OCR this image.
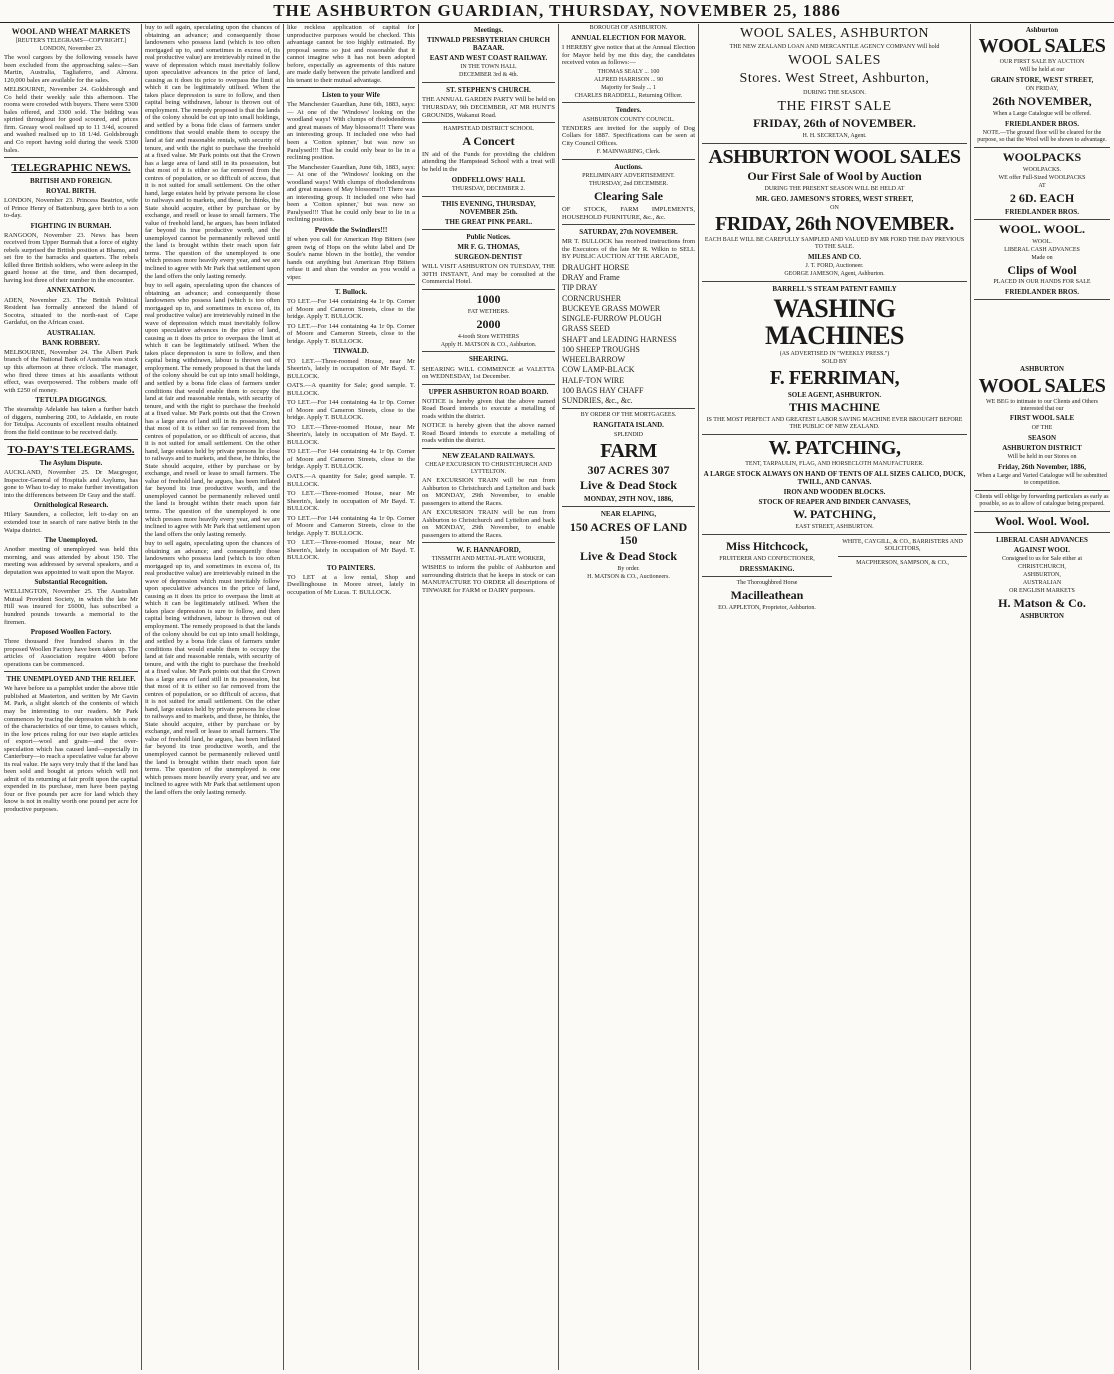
THE ASHBURTON GUARDIAN, THURSDAY, NOVEMBER 25, 1886
WOOL AND WHEAT MARKETS
[REUTER'S TELEGRAMS—COPYRIGHT.]
LONDON, November 23.

The wool cargoes by the following vessels have been excluded from the approaching sales:—San Martin, Australia, Tagliaferro, and Almora. 120,000 bales are available for the sales.

MELBOURNE, November 24. Goldsbrough and Co held their weekly sale this afternoon. The rooms were crowded with buyers. There were 5300 bales offered, and 3300 sold. The bidding was spirited throughout for good scoured, and prices firm. Greasy wool realised up to 11 3/4d, scoured and washed realised up to 18 1/4d. Goldsbrough and Co report having sold during the week 5300 bales.

TELEGRAPHIC NEWS.
BRITISH AND FOREIGN.
ROYAL BIRTH.

LONDON, November 23. Princess Beatrice, wife of Prince Henry of Battenburg, gave birth to a son to-day.

FIGHTING IN BURMAH.

RANGOON, November 23. News has been received from Upper Burmah that a force of eighty rebels surprised the British position at Bhamo, and set fire to the barracks and quarters. The rebels killed three British soldiers, who were asleep in the guard house at the time, and then decamped, having lost three of their number in the encounter.

ANNEXATION.

ADEN, November 23. The British Political Resident has formally annexed the island of Socotra, situated to the north-east of Cape Gardafui, on the African coast.

AUSTRALIAN.
BANK ROBBERY.

MELBOURNE, November 24. The Albert Park branch of the National Bank of Australia was stuck up this afternoon at three o'clock. The manager, who fired three times at his assailants without effect, was overpowered. The robbers made off with £250 of money.

TETULPA DIGGINGS.

The steamship Adelaide has taken a further batch of diggers, numbering 200, to Adelaide, en route for Tetulpa. Accounts of excellent results obtained from the field continue to be received daily.

TO-DAY'S TELEGRAMS.
The Asylum Dispute.

AUCKLAND, November 25. Dr Macgregor, Inspector-General of Hospitals and Asylums, has gone to Whau to-day to make further investigation into the differences between Dr Gray and the staff.

Ornithological Research.

Hilary Saunders, a collector, left to-day on an extended tour in search of rare native birds in the Waipa district.

The Unemployed.

Another meeting of unemployed was held this morning, and was attended by about 150. The meeting was addressed by several speakers, and a deputation was appointed to wait upon the Mayor.

Substantial Recognition.

WELLINGTON, November 25. The Australian Mutual Provident Society, in which the late Mr Hill was insured for £6000, has subscribed a hundred pounds towards a memorial to the firemen.

Proposed Woollen Factory.

Three thousand five hundred shares in the proposed Woollen Factory have been taken up. The articles of Association require 4000 before operations can be commenced.

THE UNEMPLOYED AND THE RELIEF.

We have before us a pamphlet under the above title published at Masterton, and written by Mr Gavin M. Park, a slight sketch of the contents of which may be interesting to our readers. Mr Park commences by tracing the depression which is one of the characteristics of our time, to causes which, in the low prices ruling for our two staple articles of export—wool and grain—and the over-speculation which has caused land—especially in Canterbury—to reach a speculative value far above its real value. He says very truly that if the land has been sold and bought at prices which will not admit of its returning at fair profit upon the capital expended in its purchase, men have been paying four or five pounds per acre for land which they know is not in reality worth one pound per acre for productive purposes.

buy to sell again, speculating upon the chances of obtaining an advance; and consequently those landowners who possess land (which is too often mortgaged up to, and sometimes in excess of, its real productive value) are irretrievably ruined in the wave of depression which must inevitably follow upon speculative advances in the price of land, causing as it does its price to overpass the limit at which it can be legitimately utilised. When the takes place depression is sure to follow, and then capital being withdrawn, labour is thrown out of employment. The remedy proposed is that the lands of the colony should be cut up into small holdings, and settled by a bona fide class of farmers under conditions that would enable them to occupy the land at fair and reasonable rentals, with security of tenure, and with the right to purchase the freehold at a fixed value. Mr Park points out that the Crown has a large area of land still in its possession, but that most of it is either so far removed from the centres of population, or so difficult of access, that it is not suited for small settlement. On the other hand, large estates held by private persons lie close to railways and to markets, and these, he thinks, the State should acquire, either by purchase or by exchange, and resell or lease to small farmers. The value of freehold land, he argues, has been inflated far beyond its true productive worth, and the unemployed cannot be permanently relieved until the land is brought within their reach upon fair terms. The question of the unemployed is one which presses more heavily every year, and we are inclined to agree with Mr Park that settlement upon the land offers the only lasting remedy.

buy to sell again, speculating upon the chances of obtaining an advance; and consequently those landowners who possess land (which is too often mortgaged up to, and sometimes in excess of, its real productive value) are irretrievably ruined in the wave of depression which must inevitably follow upon speculative advances in the price of land, causing as it does its price to overpass the limit at which it can be legitimately utilised. When the takes place depression is sure to follow, and then capital being withdrawn, labour is thrown out of employment. The remedy proposed is that the lands of the colony should be cut up into small holdings, and settled by a bona fide class of farmers under conditions that would enable them to occupy the land at fair and reasonable rentals, with security of tenure, and with the right to purchase the freehold at a fixed value. Mr Park points out that the Crown has a large area of land still in its possession, but that most of it is either so far removed from the centres of population, or so difficult of access, that it is not suited for small settlement. On the other hand, large estates held by private persons lie close to railways and to markets, and these, he thinks, the State should acquire, either by purchase or by exchange, and resell or lease to small farmers. The value of freehold land, he argues, has been inflated far beyond its true productive worth, and the unemployed cannot be permanently relieved until the land is brought within their reach upon fair terms. The question of the unemployed is one which presses more heavily every year, and we are inclined to agree with Mr Park that settlement upon the land offers the only lasting remedy.

buy to sell again, speculating upon the chances of obtaining an advance; and consequently those landowners who possess land (which is too often mortgaged up to, and sometimes in excess of, its real productive value) are irretrievably ruined in the wave of depression which must inevitably follow upon speculative advances in the price of land, causing as it does its price to overpass the limit at which it can be legitimately utilised. When the takes place depression is sure to follow, and then capital being withdrawn, labour is thrown out of employment. The remedy proposed is that the lands of the colony should be cut up into small holdings, and settled by a bona fide class of farmers under conditions that would enable them to occupy the land at fair and reasonable rentals, with security of tenure, and with the right to purchase the freehold at a fixed value. Mr Park points out that the Crown has a large area of land still in its possession, but that most of it is either so far removed from the centres of population, or so difficult of access, that it is not suited for small settlement. On the other hand, large estates held by private persons lie close to railways and to markets, and these, he thinks, the State should acquire, either by purchase or by exchange, and resell or lease to small farmers. The value of freehold land, he argues, has been inflated far beyond its true productive worth, and the unemployed cannot be permanently relieved until the land is brought within their reach upon fair terms. The question of the unemployed is one which presses more heavily every year, and we are inclined to agree with Mr Park that settlement upon the land offers the only lasting remedy.

like reckless application of capital for unproductive purposes would be checked. This advantage cannot be too highly estimated. By proposal seems so just and reasonable that it cannot imagine who it has not been adopted before, especially as agreements of this nature are made daily between the private landlord and his tenant to their mutual advantage.

Listen to your Wife

The Manchester Guardian, June 6th, 1883, says:— At one of the 'Windows' looking on the woodland ways! With clumps of rhododendrons and great masses of May blossoms!!! There was an interesting group. It included one who had been a 'Cotton spinner,' but was now so Paralysed!!! That he could only bear to lie in a reclining position.

The Manchester Guardian, June 6th, 1883, says:— At one of the 'Windows' looking on the woodland ways! With clumps of rhododendrons and great masses of May blossoms!!! There was an interesting group. It included one who had been a 'Cotton spinner,' but was now so Paralysed!!! That he could only bear to lie in a reclining position.

Provide the Swindlers!!!

If when you call for American Hop Bitters (see green twig of Hops on the white label and Dr Soule's name blown in the bottle), the vendor hands out anything but American Hop Bitters refuse it and shun the vendor as you would a viper.

T. Bullock.

TO LET.—For 144 containing 4a 1r 0p. Corner of Moore and Cameron Streets, close to the bridge. Apply T. BULLOCK.

TO LET.—For 144 containing 4a 1r 0p. Corner of Moore and Cameron Streets, close to the bridge. Apply T. BULLOCK.

TINWALD.

TO LET.—Three-roomed House, near Mr Sheerin's, lately in occupation of Mr Bayd. T. BULLOCK.

OATS.—A quantity for Sale; good sample. T. BULLOCK.

TO LET.—For 144 containing 4a 1r 0p. Corner of Moore and Cameron Streets, close to the bridge. Apply T. BULLOCK.

TO LET.—Three-roomed House, near Mr Sheerin's, lately in occupation of Mr Bayd. T. BULLOCK.

TO LET.—For 144 containing 4a 1r 0p. Corner of Moore and Cameron Streets, close to the bridge. Apply T. BULLOCK.

OATS.—A quantity for Sale; good sample. T. BULLOCK.

TO LET.—Three-roomed House, near Mr Sheerin's, lately in occupation of Mr Bayd. T. BULLOCK.

TO LET.—For 144 containing 4a 1r 0p. Corner of Moore and Cameron Streets, close to the bridge. Apply T. BULLOCK.

TO LET.—Three-roomed House, near Mr Sheerin's, lately in occupation of Mr Bayd. T. BULLOCK.

TO PAINTERS.

TO LET at a low rental, Shop and Dwellinghouse in Moore street, lately in occupation of Mr Lucas. T. BULLOCK.

Meetings.
TINWALD PRESBYTERIAN CHURCH BAZAAR.
EAST AND WEST COAST RAILWAY.
IN THE TOWN HALL
DECEMBER 3rd & 4th.
ST. STEPHEN'S CHURCH.

THE ANNUAL GARDEN PARTY Will be held on THURSDAY, 9th DECEMBER, AT MR HUNT'S GROUNDS, Wakanui Road.

HAMPSTEAD DISTRICT SCHOOL
A Concert

IN aid of the Funds for providing the children attending the Hampstead School with a treat will be held in the

ODDFELLOWS' HALL
THURSDAY, DECEMBER 2.
THIS EVENING, THURSDAY, NOVEMBER 25th.
THE GREAT PINK PEARL.
Public Notices.
MR F. G. THOMAS,
SURGEON-DENTIST

WILL VISIT ASHBURTON ON TUESDAY, THE 30TH INSTANT, And may be consulted at the Commercial Hotel.

1000
FAT WETHERS.
2000
4-tooth Store WETHERS
Apply H. MATSON & CO., Ashburton.
SHEARING.

SHEARING WILL COMMENCE at VALETTA on WEDNESDAY, 1st December.

UPPER ASHBURTON ROAD BOARD.

NOTICE is hereby given that the above named Road Board intends to execute a metalling of roads within the district.

NOTICE is hereby given that the above named Road Board intends to execute a metalling of roads within the district.

NEW ZEALAND RAILWAYS.
CHEAP EXCURSION TO CHRISTCHURCH AND LYTTELTON.

AN EXCURSION TRAIN will be run from Ashburton to Christchurch and Lyttelton and back on MONDAY, 29th November, to enable passengers to attend the Races.

AN EXCURSION TRAIN will be run from Ashburton to Christchurch and Lyttelton and back on MONDAY, 29th November, to enable passengers to attend the Races.

W. F. HANNAFORD,
TINSMITH AND METAL-PLATE WORKER,

WISHES to inform the public of Ashburton and surrounding districts that he keeps in stock or can MANUFACTURE TO ORDER all descriptions of TINWARE for FARM or DAIRY purposes.

BOROUGH OF ASHBURTON.
ANNUAL ELECTION FOR MAYOR.

I HEREBY give notice that at the Annual Election for Mayor held by me this day, the candidates received votes as follows:—

THOMAS SEALY ... 100
ALFRED HARRISON ... 90
Majority for Sealy ... 1
CHARLES BRADDELL, Returning Officer.
Tenders.
ASHBURTON COUNTY COUNCIL.

TENDERS are invited for the supply of Dog Collars for 1887. Specifications can be seen at City Council Offices.

F. MAINWARING, Clerk.
Auctions.
PRELIMINARY ADVERTISEMENT.
THURSDAY, 2nd DECEMBER.
Clearing Sale

OF STOCK, FARM IMPLEMENTS, HOUSEHOLD FURNITURE, &c., &c.

SATURDAY, 27th NOVEMBER.

MR T. BULLOCK has received instructions from the Executors of the late Mr R. Wilkin to SELL BY PUBLIC AUCTION AT THE ARCADE,

DRAUGHT HORSE
DRAY and Frame
TIP DRAY
CORNCRUSHER
BUCKEYE GRASS MOWER
SINGLE-FURROW PLOUGH
GRASS SEED
SHAFT and LEADING HARNESS
100 SHEEP TROUGHS
WHEELBARROW
COW LAMP-BLACK
HALF-TON WIRE
100 BAGS HAY CHAFF
SUNDRIES, &c., &c.
BY ORDER OF THE MORTGAGEES.
RANGITATA ISLAND.
SPLENDID
FARM
307 ACRES 307
Live & Dead Stock
MONDAY, 29TH NOV., 1886,
NEAR ELAPING,
150 ACRES OF LAND 150
Live & Dead Stock
By order.
H. MATSON & CO., Auctioneers.
WOOL SALES, ASHBURTON
THE NEW ZEALAND LOAN AND MERCANTILE AGENCY COMPANY Will hold
WOOL SALES
Stores. West Street, Ashburton,
DURING THE SEASON.
THE FIRST SALE
FRIDAY, 26th of NOVEMBER.
H. H. SECRETAN, Agent.
ASHBURTON WOOL SALES
Our First Sale of Wool by Auction
DURING THE PRESENT SEASON WILL BE HELD AT
MR. GEO. JAMESON'S STORES, WEST STREET,
ON
FRIDAY, 26th NOVEMBER.
EACH BALE WILL BE CAREFULLY SAMPLED AND VALUED BY MR FORD THE DAY PREVIOUS TO THE SALE.
MILES AND CO.
J. T. FORD, Auctioneer.
GEORGE JAMESON, Agent, Ashburton.
BARRELL'S STEAM PATENT FAMILY
WASHING MACHINES
(AS ADVERTISED IN "WEEKLY PRESS.")
SOLD BY
F. FERRIMAN,
SOLE AGENT, ASHBURTON.
THIS MACHINE
IS THE MOST PERFECT AND GREATEST LABOR SAVING MACHINE EVER BROUGHT BEFORE THE PUBLIC OF NEW ZEALAND.
W. PATCHING,
TENT, TARPAULIN, FLAG, AND HORSECLOTH MANUFACTURER.
A LARGE STOCK ALWAYS ON HAND OF TENTS OF ALL SIZES CALICO, DUCK, TWILL, AND CANVAS.
IRON AND WOODEN BLOCKS.
STOCK OF REAPER AND BINDER CANVASES,
W. PATCHING,
EAST STREET, ASHBURTON.
Miss Hitchcock,
FRUITERER AND CONFECTIONER,
DRESSMAKING.
The Thoroughbred Horse
Macilleathean
EO. APPLETON, Proprietor, Ashburton.
WHITE, CAYGILL, & CO., BARRISTERS AND SOLICITORS,
MACPHERSON, SAMPSON, & CO.,
Ashburton
WOOL SALES
OUR FIRST SALE BY AUCTION
Will be held at our
GRAIN STORE, WEST STREET,
ON FRIDAY,
26th NOVEMBER,
When a Large Catalogue will be offered.
FRIEDLANDER BROS.
NOTE.—The ground floor will be cleared for the purpose, so that the Wool will be shown to advantage.
WOOLPACKS
WOOLPACKS.
WE offer Full-Sized WOOLPACKS
AT
2 6D. EACH
FRIEDLANDER BROS.
WOOL. WOOL.
WOOL.
LIBERAL CASH ADVANCES
Made on
Clips of Wool
PLACED IN OUR HANDS FOR SALE
FRIEDLANDER BROS.
ASHBURTON
WOOL SALES
WE BEG to intimate to our Clients and Others interested that our
FIRST WOOL SALE
OF THE
SEASON
ASHBURTON DISTRICT
Will be held in our Stores on
Friday, 26th November, 1886,
When a Large and Varied Catalogue will be submitted to competition.
Clients will oblige by forwarding particulars as early as possible, so as to allow of catalogue being prepared.
Wool. Wool. Wool.
LIBERAL CASH ADVANCES
AGAINST WOOL
Consigned to us for Sale either at
CHRISTCHURCH,
ASHBURTON,
AUSTRALIAN
OR ENGLISH MARKETS
H. Matson & Co.
ASHBURTON
